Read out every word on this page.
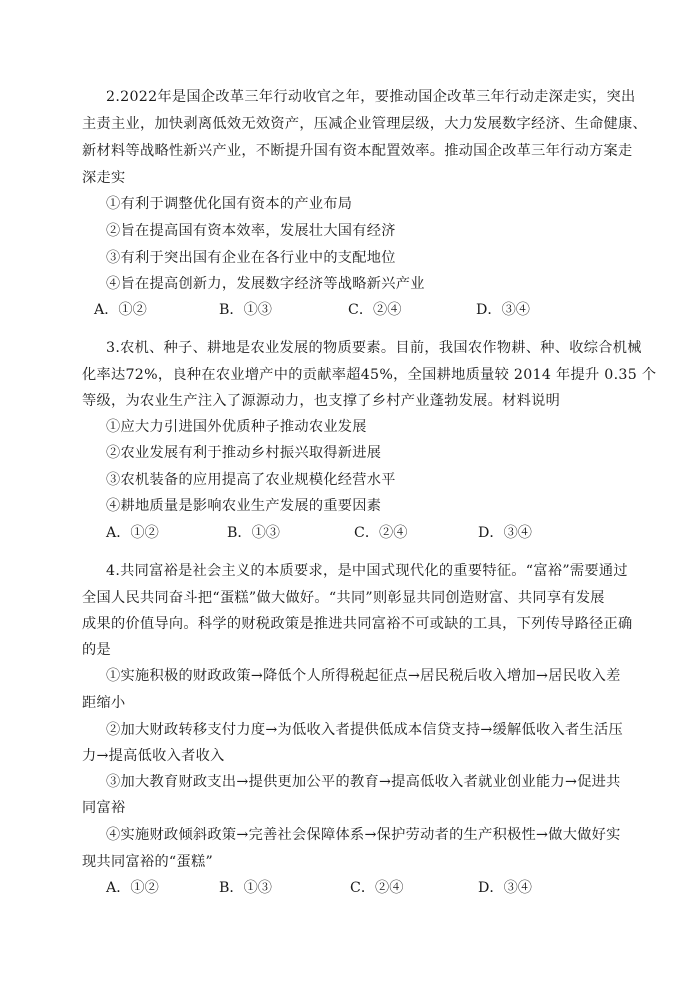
2.2022年是国企改革三年行动收官之年，要推动国企改革三年行动走深走实，突出
主责主业，加快剥离低效无效资产，压减企业管理层级，大力发展数字经济、生命健康、
新材料等战略性新兴产业，不断提升国有资本配置效率。推动国企改革三年行动方案走
深走实
①有利于调整优化国有资本的产业布局
②旨在提高国有资本效率，发展壮大国有经济
③有利于突出国有企业在各行业中的支配地位
④旨在提高创新力，发展数字经济等战略新兴产业
A．①②	B．①③	C．②④	D．③④
3.农机、种子、耕地是农业发展的物质要素。目前，我国农作物耕、种、收综合机械
化率达72%，良种在农业增产中的贡献率超45%，全国耕地质量较 2014 年提升 0.35 个
等级，为农业生产注入了源源动力，也支撑了乡村产业蓬勃发展。材料说明
①应大力引进国外优质种子推动农业发展
②农业发展有利于推动乡村振兴取得新进展
③农机装备的应用提高了农业规模化经营水平
④耕地质量是影响农业生产发展的重要因素
A．①②	B．①③	C．②④	D．③④
4.共同富裕是社会主义的本质要求，是中国式现代化的重要特征。“富裕”需要通过
全国人民共同奋斗把“蛋糕”做大做好。“共同”则彰显共同创造财富、共同享有发展
成果的价值导向。科学的财税政策是推进共同富裕不可或缺的工具，下列传导路径正确
的是
①实施积极的财政政策→降低个人所得税起征点→居民税后收入增加→居民收入差
距缩小
②加大财政转移支付力度→为低收入者提供低成本信贷支持→缓解低收入者生活压
力→提高低收入者收入
③加大教育财政支出→提供更加公平的教育→提高低收入者就业创业能力→促进共
同富裕
④实施财政倾斜政策→完善社会保障体系→保护劳动者的生产积极性→做大做好实
现共同富裕的“蛋糕”
A．①②	B．①③	C．②④	D．③④
